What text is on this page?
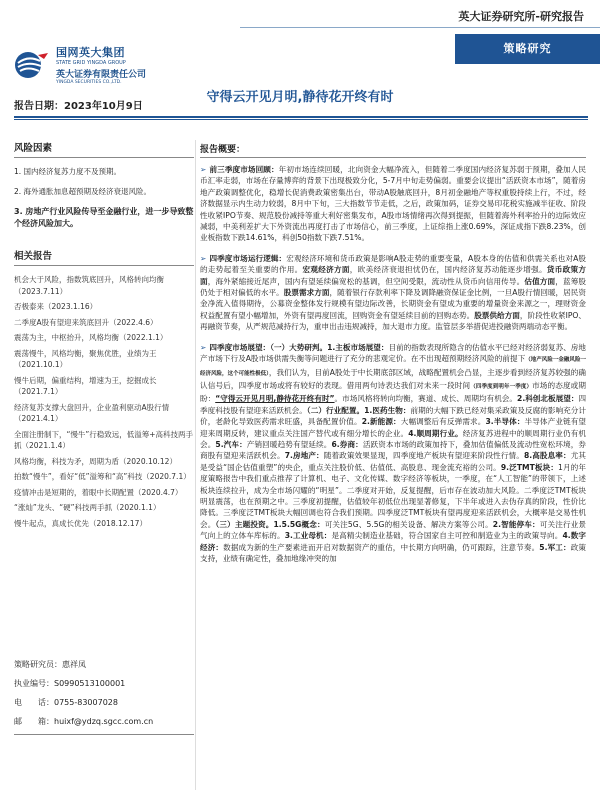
国网英大集团
STATE GRID YINGDA GROUP
英大证券有限责任公司
YINGDA SECURITIES CO.,LTD.
英大证券研究所-研究报告
策略研究
守得云开见月明,静待花开终有时
报告日期：2023年10月9日
风险因素
1. 国内经济复苏力度不及预期。
2. 海外通胀加息超预期及经济衰退风险。
3. 房地产行业风险传导至金融行业，进一步导致整个经济风险加大。
相关报告
机会大于风险，指数筑底回升，风格转向均衡（2023.7.11）
否极泰来（2023.1.16）
二季度A股有望迎来筑底回升（2022.4.6）
震荡为主，中枢抬升，风格均衡（2022.1.1）
震荡慢牛，风格均衡，聚焦优胜，业绩为王（2021.10.1）
慢牛后期，偏重结构，增速为王，挖掘成长（2021.7.1）
经济复苏支撑大盘回升，企业盈利驱动A股行情（2021.4.1）
全面注册制下，“慢牛”行稳致远，低溢筹+高科技两手抓（2021.1.4）
风格均衡，科技为矛，周期为盾（2020.10.12）
拍数“慢牛”，看好“低”溢筹和“高”科技（2020.7.1）
疫情冲击是短期的，着眼中长期配置（2020.4.7）
“涨灿”龙头、“硬”科技两手抓（2020.1.1）
慢牛起点，真成长优先（2018.12.17）
策略研究员：惠祥凤
执业编号：S0990513100001
电　　话：0755-83007028
邮　　箱：huixf@ydzq.sgcc.com.cn
报告概要：

➢ 前三季度市场回顾：年初市场连续回暖，北向资金大幅净流入，但随着二季度国内经济复苏弱于预期，叠加人民币汇率走弱，市场在存量博弈的背景下出现极致分化，5-7月中旬走势偏弱。重要会议提出“活跃资本市场”，随着房地产政策调整优化，稳增长促消费政策密集出台，带动A股触底回升，8月初金融地产等权重股持续上行，不过，经济数据显示内生动力较弱，8月中下旬，三大指数节节走低，之后，政策加码，证券交易印花税实施减半征收、阶段性收紧IPO节奏、规范股份减持等重大利好密集发布，A股市场情绪再次得到提振，但随着海外利率抬升的边际效应减弱，中美利差扩大下外资流出再度打击了市场信心，前三季度，上证综指上涨0.69%，深证成指下跌8.23%，创业板指数下跌14.61%，科创50指数下跌7.51%。

➢ 四季度市场运行逻辑：宏观经济环境和货币政策是影响A股走势的重要变量，A股本身的估值和供需关系也对A股的走势起着至关重要的作用。宏观经济方面，欧美经济衰退担忧仍在，国内经济复苏动能逐步增强。货币政策方面，海外紧缩接近尾声，国内有望延续偏宽松的基调，但空间受限，流动性从货币向信用传导。估值方面，蓝筹股仍处于相对偏低的水平。股票需求方面，随着银行存款利率下降及调降融资保证金比例，一旦A股行情回暖，居民资金净流入值得期待，公募资金整体发行规模有望边际改善，长期资金有望成为重要的增量资金来源之一，理财资金权益配置有望小幅增加，外资有望再度回流，回购资金有望延续目前的回购态势。股票供给方面，阶段性收紧IPO、再融资节奏，从严规范减持行为，重申出击违规减持，加大退市力度。监管层多举措促进投融资两端动态平衡。

➢ 四季度市场展望：（一）大势研判。1.主板市场展望：目前的指数表现所隐含的估值水平已经对经济弱复苏、房地产市场下行及A股市场供需失衡等问题进行了充分的悲观定价。在不出现超预期经济风险的前提下（地产风险一金融风险一经济风险，这个可能性极低），我们认为，目前A股处于中长期底部区域，战略配置机会凸显，主逐步看到经济复苏较强的确认信号后，四季度市场或将有较好的表现。借用两句诗表达我们对未来一段时间（四季度到明年一季度）市场的态度或期盼：“守得云开见月明,静待花开终有时”。市场风格将转向均衡，赛道、成长、周期均有机会。2.科创北板展望：四季度科技股有望迎来活跃机会。（二）行业配置。1.医药生物：前期的大幅下跌已经对集采政策及反腐的影响充分计价，老龄化导致医药需求旺盛，具备配置价值。2.新能源：大幅调整后有反弹需求。3.半导体：半导体产业链有望迎来周期反转，建议重点关注国产替代或有细分增长的企业。4.顺周期行业。经济复苏进程中的顺周期行业仍有机会。5.汽车：产销回暖趋势有望延续。6.券商：活跃资本市场的政策加持下，叠加估值偏低及流动性宽松环境，券商股有望迎来活跃机会。7.房地产：随着政策效果显现，四季度地产板块有望迎来阶段性行情。8.高股息率：尤其是受益“国企估值重塑”的央企，重点关注股价低、估值低、高股息、现金流充裕的公司。9.泛TMT板块：1月的年度策略报告中我们重点推荐了计算机、电子、文化传媒、数字经济等板块，一季度，在“人工智能”的带领下，上述板块连续拉升，成为全市场闪耀的“明星”。二季度对开始，反复提醒，后市存在波动加大风险。二季度泛TMT板块明显震荡，也在预期之中。三季度初提醒，估值较年初低位出现显著修复，下半年或进入去伪存真的阶段，性价比降低。三季度泛TMT板块大幅回调也符合我们预期。四季度泛TMT板块有望再度迎来活跃机会，大概率是交易性机会。（三）主题投资。1.5.5G概念：可关注5G、5.5G的相关设备、解决方案等公司。2.智能停车：可关注行业景气向上的立体车库标的。3.工业母机：是高精尖制造业基础，符合国家自主可控和制造业为主的政策导向。4.数字经济：数据成为新的生产要素进而开启对数据资产的重估，中长期方向明确，仍可跟踪，注意节奏。5.军工：政策支持，业绩有确定性，叠加地缘冲突的加
